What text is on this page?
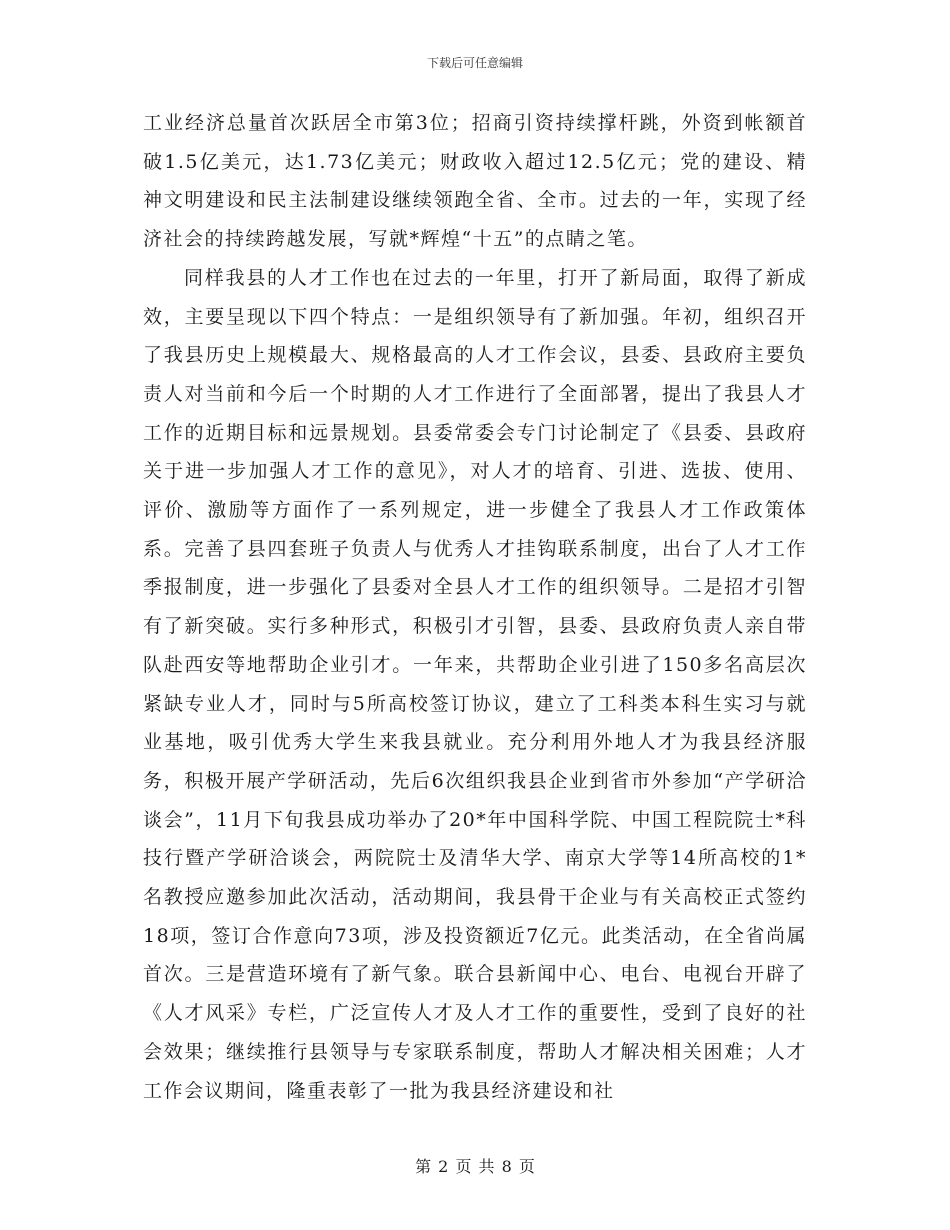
下载后可任意编辑

工业经济总量首次跃居全市第3位；招商引资持续撑杆跳，外资到帐额首破1.5亿美元，达1.73亿美元；财政收入超过12.5亿元；党的建设、精神文明建设和民主法制建设继续领跑全省、全市。过去的一年，实现了经济社会的持续跨越发展，写就*辉煌“十五”的点睛之笔。

同样我县的人才工作也在过去的一年里，打开了新局面，取得了新成效，主要呈现以下四个特点：一是组织领导有了新加强。年初，组织召开了我县历史上规模最大、规格最高的人才工作会议，县委、县政府主要负责人对当前和今后一个时期的人才工作进行了全面部署，提出了我县人才工作的近期目标和远景规划。县委常委会专门讨论制定了《县委、县政府关于进一步加强人才工作的意见》，对人才的培育、引进、选拔、使用、评价、激励等方面作了一系列规定，进一步健全了我县人才工作政策体系。完善了县四套班子负责人与优秀人才挂钩联系制度，出台了人才工作季报制度，进一步强化了县委对全县人才工作的组织领导。二是招才引智有了新突破。实行多种形式，积极引才引智，县委、县政府负责人亲自带队赴西安等地帮助企业引才。一年来，共帮助企业引进了150多名高层次紧缺专业人才，同时与5所高校签订协议，建立了工科类本科生实习与就业基地，吸引优秀大学生来我县就业。充分利用外地人才为我县经济服务，积极开展产学研活动，先后6次组织我县企业到省市外参加“产学研洽谈会”，11月下旬我县成功举办了20*年中国科学院、中国工程院院士*科技行暨产学研洽谈会，两院院士及清华大学、南京大学等14所高校的1*名教授应邀参加此次活动，活动期间，我县骨干企业与有关高校正式签约18项，签订合作意向73项，涉及投资额近7亿元。此类活动，在全省尚属首次。三是营造环境有了新气象。联合县新闻中心、电台、电视台开辟了《人才风采》专栏，广泛宣传人才及人才工作的重要性，受到了良好的社会效果；继续推行县领导与专家联系制度，帮助人才解决相关困难；人才工作会议期间，隆重表彰了一批为我县经济建设和社

第 2 页 共 8 页
